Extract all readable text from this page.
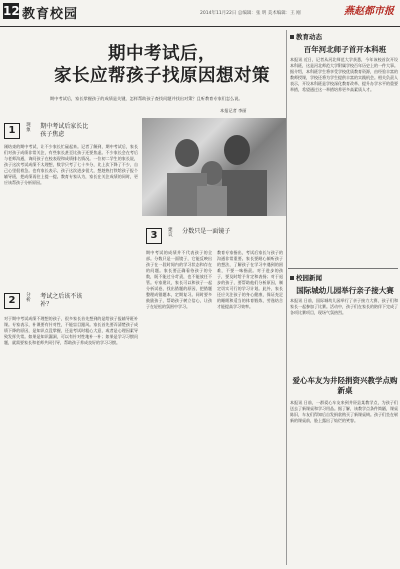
12 教育校园	2014年11月22日 总编辑：张 明 美术编辑：王 刚	燕赵都市报
期中考试后，
家长应帮孩子找原因想对策
期中考试后，家长掌握孩子的成绩是关键，怎样帮助孩子查找问题并找出对策？且听教育专家们怎么说。
本报记者 李丽
1 现象 期中考试后家长比孩子焦虑
刚结束的期中考试，让不少家长忙碌起来。记者了解到，期中考试后，家长们对孩子成绩非常关注，有些家长甚至比孩子还要焦虑。不少家长会在考后与老师沟通，询问孩子在校表现和成绩排名情况。一位初二学生的家长说，孩子这次考试成绩不太理想，数学只考了七十多分，比上次下降了不少，自己心里很着急。也有家长表示，孩子这次进步很大，想趁热打铁给孩子报个辅导班，把成绩再往上提一提。教育专家认为，家长在关注成绩的同时，更应该帮孩子分析原因。
2 分析 考试之后该不该补？
对于期中考试成绩不理想的孩子，很多家长首先想到的是给孩子报辅导班补课。专家表示，补课要有针对性，不能盲目跟风。家长首先要弄清楚孩子成绩下降的原因，是知识点没掌握，还是考试时粗心大意，或者是心理因素导致发挥失常。如果是知识漏洞，可以有针对性地补一补；如果是学习习惯问题，就需要家长和老师共同引导，帮助孩子养成良好的学习习惯。
3 建议 分数只是一面镜子
期中考试的成绩并不代表孩子的全部。分数只是一面镜子，它能反映出孩子在一段时间内的学习状态和存在的问题。家长要正确看待孩子的分数，既不能过分苛责，也不能放任不管。专家建议，家长可以和孩子一起分析试卷，找出错题的原因，把错题整理成错题本，定期复习。同时要多鼓励孩子，帮助孩子树立信心，让孩子在轻松的氛围中学习。
教育专家指出，考试后家长与孩子的沟通非常重要。家长要耐心倾听孩子的想法，了解孩子在学习中遇到的困难，不要一味指责。对于进步的孩子，要及时给予肯定和表扬；对于退步的孩子，要帮助他们分析原因，制定切实可行的学习计划。此外，家长还应关注孩子的身心健康，保证充足的睡眠和适当的体育锻炼，劳逸结合才能提高学习效率。
教育动态
百年河北师子首开本科班
本报讯 近日，记者从河北师范大学获悉，今年该校首次开设本科班，这是河北师范大学附属学校百年历史上的一件大事。据介绍，本科班学生将享受学校优质教育资源，由经验丰富的教师授课，学校还将为学生提供丰富的实践机会。相关负责人表示，开设本科班是学校深化教育改革、提升办学水平的重要举措，希望通过这一举措培养更多高素质人才。
校园新闻
国际城幼儿园举行亲子接大赛
本报讯 日前，国际城幼儿园举行了亲子接力大赛，孩子们和家长一起参加了比赛。活动中，孩子们在家长的陪伴下完成了各项比赛项目，现场气氛热烈。
爱心车友为井陉捐资兴教学点购新桌
本报讯 日前，一群爱心车友来到井陉县某教学点，为孩子们送去了新课桌和学习用品。据了解，该教学点条件简陋，课桌陈旧，车友们得知后自发捐款购买了新课桌椅。孩子们坐在崭新的课桌前，脸上露出了灿烂的笑容。
